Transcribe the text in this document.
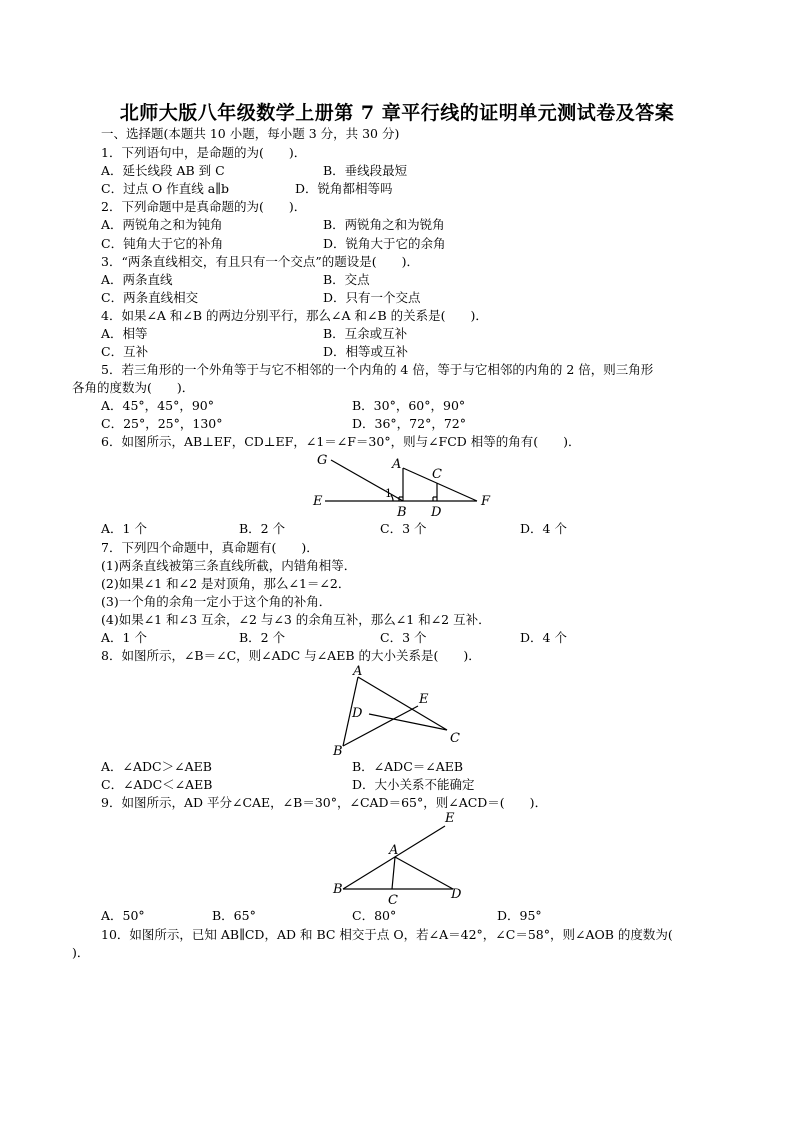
北师大版八年级数学上册第 7 章平行线的证明单元测试卷及答案
一、选择题(本题共 10 小题，每小题 3 分，共 30 分)
1．下列语句中，是命题的为(　　)．
A．延长线段 AB 到 C	B．垂线段最短
C．过点 O 作直线 a∥b	D．锐角都相等吗
2．下列命题中是真命题的为(　　)．
A．两锐角之和为钝角	B．两锐角之和为锐角
C．钝角大于它的补角	D．锐角大于它的余角
3．“两条直线相交，有且只有一个交点”的题设是(　　)．
A．两条直线	B．交点
C．两条直线相交	D．只有一个交点
4．如果∠A 和∠B 的两边分别平行，那么∠A 和∠B 的关系是(　　)．
A．相等	B．互余或互补
C．互补	D．相等或互补
5．若三角形的一个外角等于与它不相邻的一个内角的 4 倍，等于与它相邻的内角的 2 倍，则三角形
各角的度数为(　　)．
A．45°，45°，90°	B．30°，60°，90°
C．25°，25°，130°	D．36°，72°，72°
6．如图所示，AB⊥EF，CD⊥EF，∠1＝∠F＝30°，则与∠FCD 相等的角有(　　)．
G	A
C
E
1
B D
F
A．1 个	B．2 个	C．3 个	D．4 个
7．下列四个命题中，真命题有(　　)．
(1)两条直线被第三条直线所截，内错角相等．
(2)如果∠1 和∠2 是对顶角，那么∠1＝∠2．
(3)一个角的余角一定小于这个角的补角．
(4)如果∠1 和∠3 互余，∠2 与∠3 的余角互补，那么∠1 和∠2 互补．
A．1 个	B．2 个	C．3 个	D．4 个
8．如图所示，∠B＝∠C，则∠ADC 与∠AEB 的大小关系是(　　)．
A
D
E
B
C
A．∠ADC＞∠AEB	B．∠ADC＝∠AEB
C．∠ADC＜∠AEB	D．大小关系不能确定
9．如图所示，AD 平分∠CAE，∠B＝30°，∠CAD＝65°，则∠ACD＝(　　)．
E
A
B
C	D
A．50°	B．65°	C．80°	D．95°
10．如图所示，已知 AB∥CD，AD 和 BC 相交于点 O，若∠A＝42°，∠C＝58°，则∠AOB 的度数为(
)．
